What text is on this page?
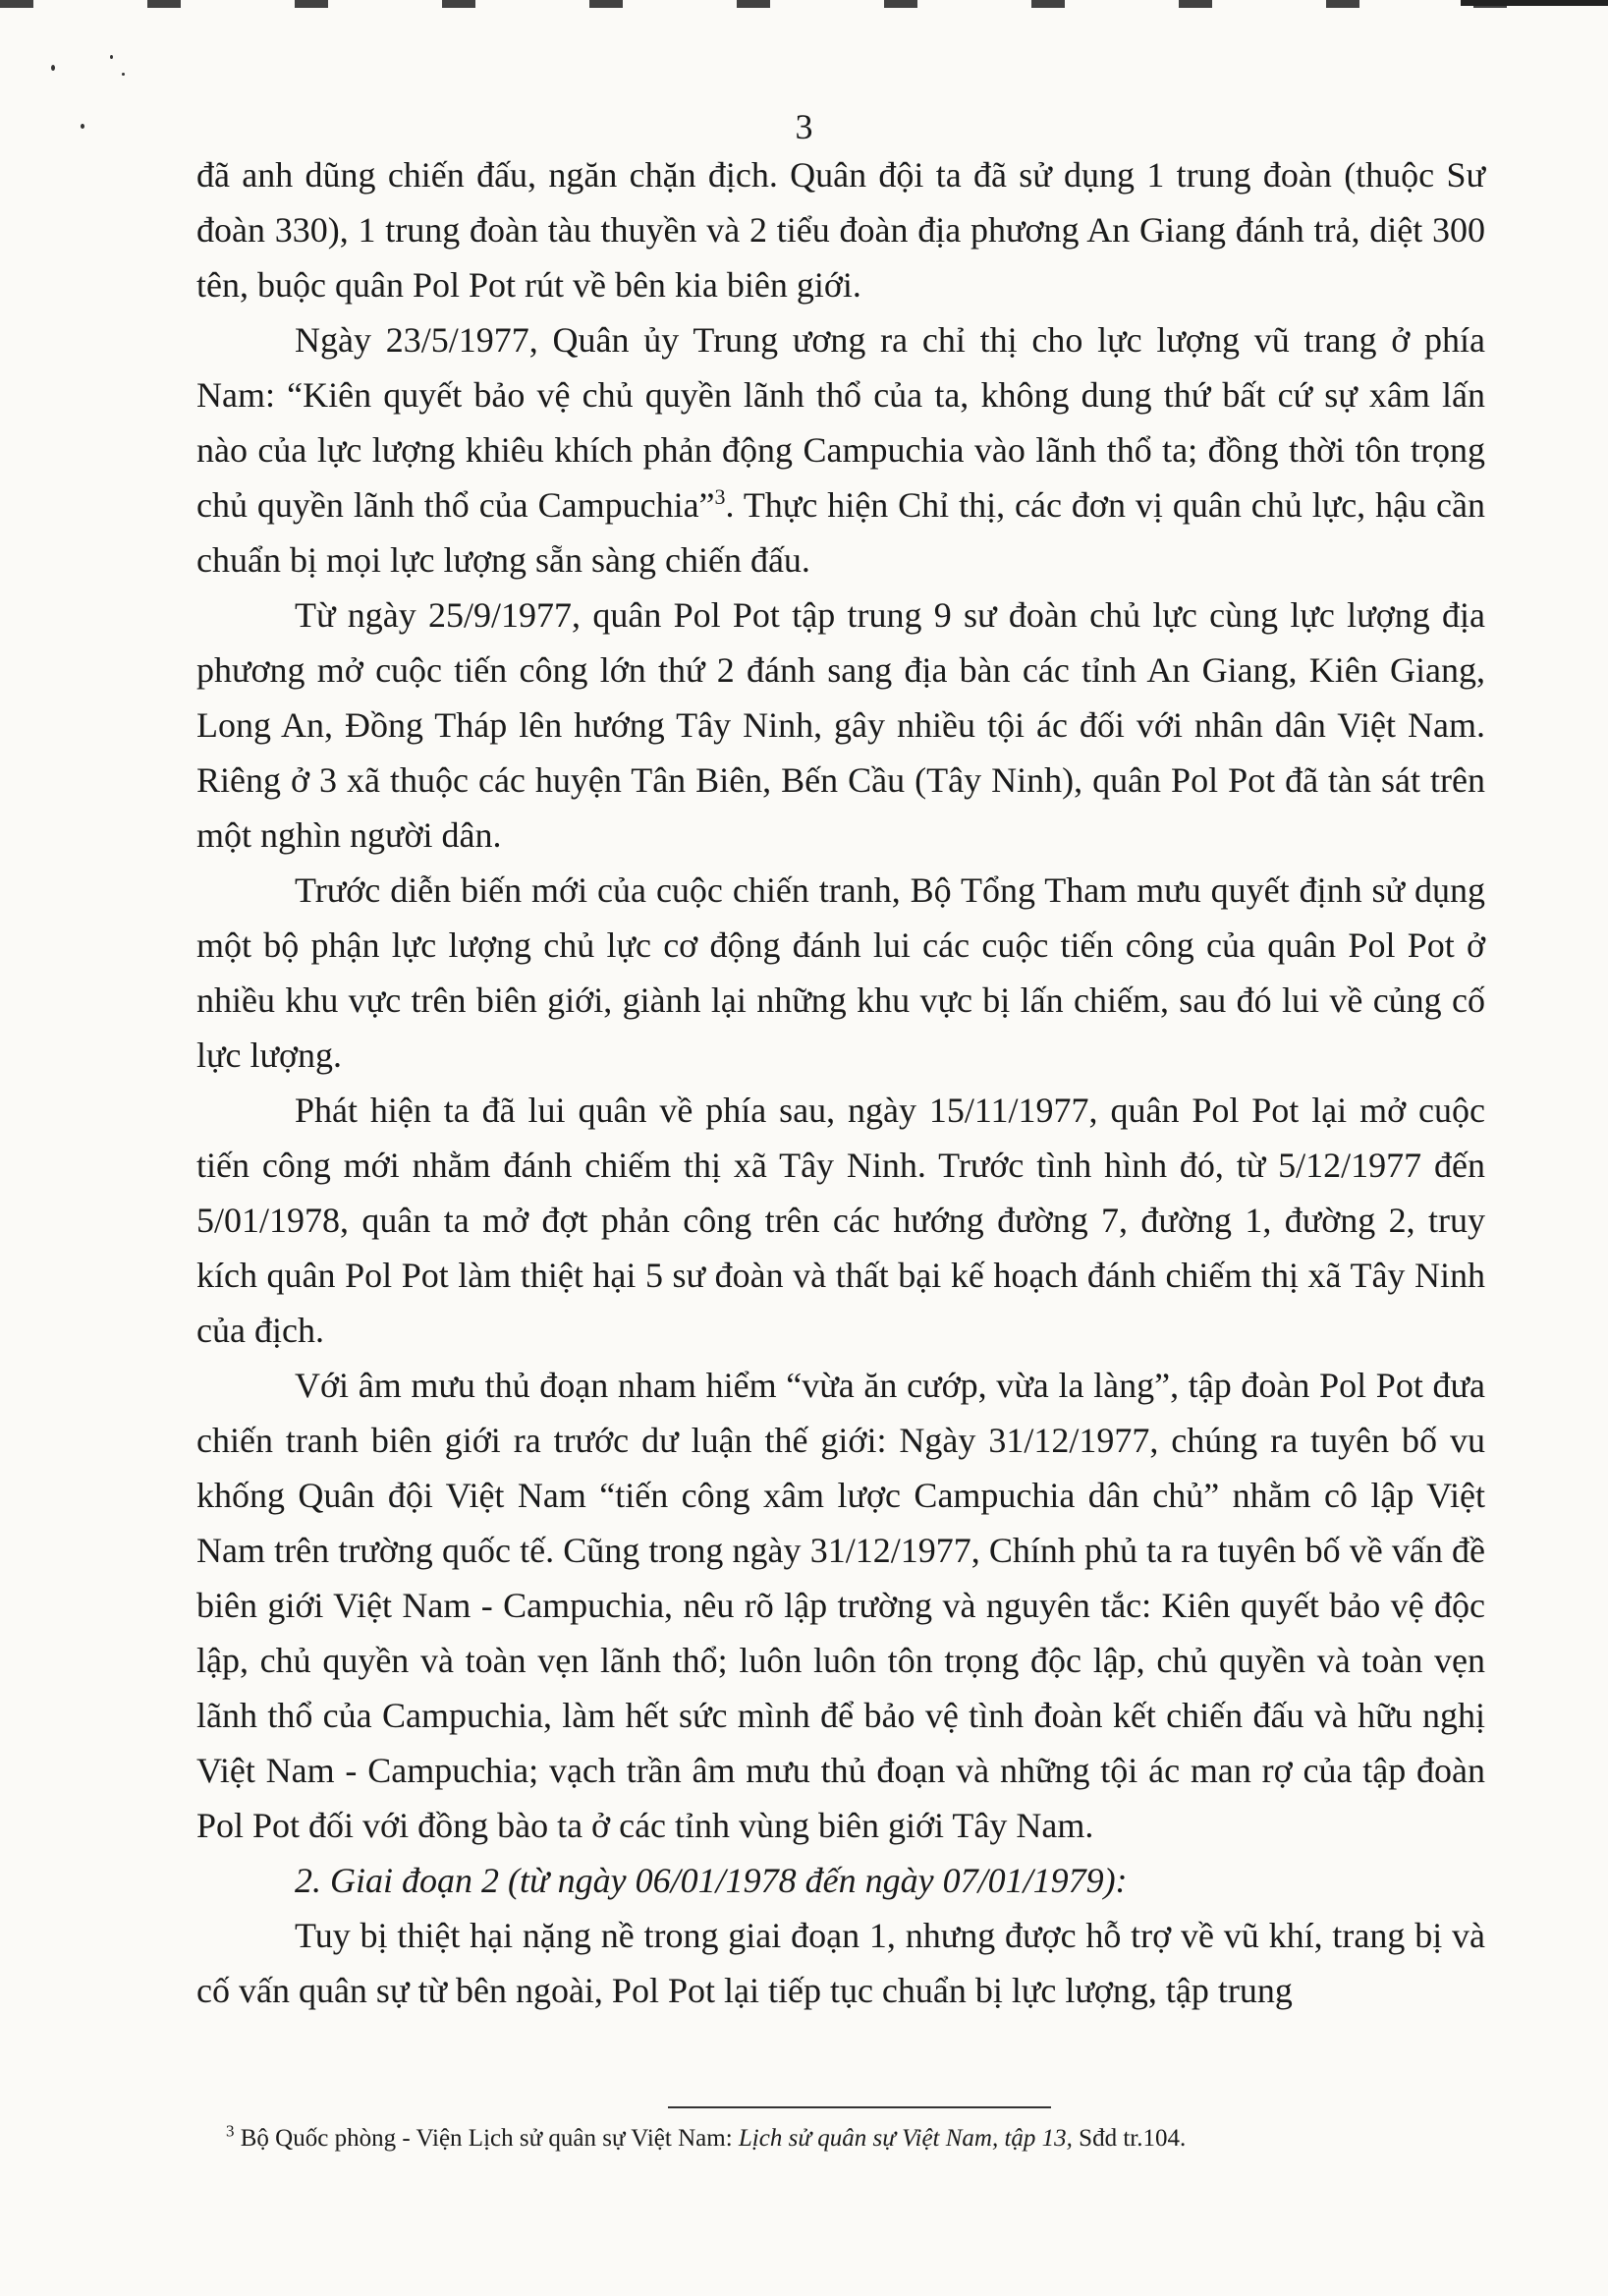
3

đã anh dũng chiến đấu, ngăn chặn địch. Quân đội ta đã sử dụng 1 trung đoàn (thuộc Sư đoàn 330), 1 trung đoàn tàu thuyền và 2 tiểu đoàn địa phương An Giang đánh trả, diệt 300 tên, buộc quân Pol Pot rút về bên kia biên giới.

Ngày 23/5/1977, Quân ủy Trung ương ra chỉ thị cho lực lượng vũ trang ở phía Nam: “Kiên quyết bảo vệ chủ quyền lãnh thổ của ta, không dung thứ bất cứ sự xâm lấn nào của lực lượng khiêu khích phản động Campuchia vào lãnh thổ ta; đồng thời tôn trọng chủ quyền lãnh thổ của Campuchia”$^3$. Thực hiện Chỉ thị, các đơn vị quân chủ lực, hậu cần chuẩn bị mọi lực lượng sẵn sàng chiến đấu.

Từ ngày 25/9/1977, quân Pol Pot tập trung 9 sư đoàn chủ lực cùng lực lượng địa phương mở cuộc tiến công lớn thứ 2 đánh sang địa bàn các tỉnh An Giang, Kiên Giang, Long An, Đồng Tháp lên hướng Tây Ninh, gây nhiều tội ác đối với nhân dân Việt Nam. Riêng ở 3 xã thuộc các huyện Tân Biên, Bến Cầu (Tây Ninh), quân Pol Pot đã tàn sát trên một nghìn người dân.

Trước diễn biến mới của cuộc chiến tranh, Bộ Tổng Tham mưu quyết định sử dụng một bộ phận lực lượng chủ lực cơ động đánh lui các cuộc tiến công của quân Pol Pot ở nhiều khu vực trên biên giới, giành lại những khu vực bị lấn chiếm, sau đó lui về củng cố lực lượng.

Phát hiện ta đã lui quân về phía sau, ngày 15/11/1977, quân Pol Pot lại mở cuộc tiến công mới nhằm đánh chiếm thị xã Tây Ninh. Trước tình hình đó, từ 5/12/1977 đến 5/01/1978, quân ta mở đợt phản công trên các hướng đường 7, đường 1, đường 2, truy kích quân Pol Pot làm thiệt hại 5 sư đoàn và thất bại kế hoạch đánh chiếm thị xã Tây Ninh của địch.

Với âm mưu thủ đoạn nham hiểm “vừa ăn cướp, vừa la làng”, tập đoàn Pol Pot đưa chiến tranh biên giới ra trước dư luận thế giới: Ngày 31/12/1977, chúng ra tuyên bố vu khống Quân đội Việt Nam “tiến công xâm lược Campuchia dân chủ” nhằm cô lập Việt Nam trên trường quốc tế. Cũng trong ngày 31/12/1977, Chính phủ ta ra tuyên bố về vấn đề biên giới Việt Nam - Campuchia, nêu rõ lập trường và nguyên tắc: Kiên quyết bảo vệ độc lập, chủ quyền và toàn vẹn lãnh thổ; luôn luôn tôn trọng độc lập, chủ quyền và toàn vẹn lãnh thổ của Campuchia, làm hết sức mình để bảo vệ tình đoàn kết chiến đấu và hữu nghị Việt Nam - Campuchia; vạch trần âm mưu thủ đoạn và những tội ác man rợ của tập đoàn Pol Pot đối với đồng bào ta ở các tỉnh vùng biên giới Tây Nam.

2. Giai đoạn 2 (từ ngày 06/01/1978 đến ngày 07/01/1979):

Tuy bị thiệt hại nặng nề trong giai đoạn 1, nhưng được hỗ trợ về vũ khí, trang bị và cố vấn quân sự từ bên ngoài, Pol Pot lại tiếp tục chuẩn bị lực lượng, tập trung

$^3$ Bộ Quốc phòng - Viện Lịch sử quân sự Việt Nam: Lịch sử quân sự Việt Nam, tập 13, Sđd tr.104.
